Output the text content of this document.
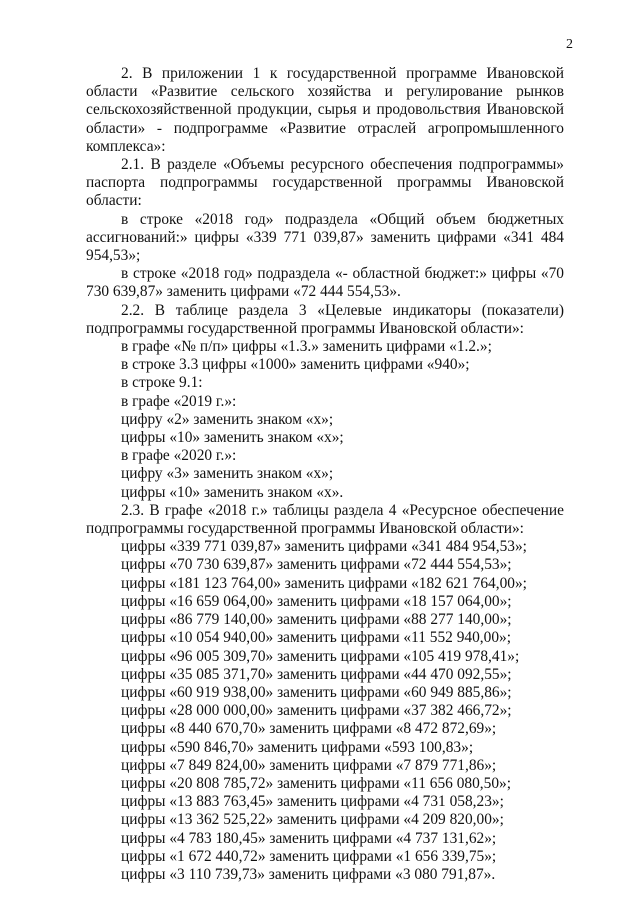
2

2. В приложении 1 к государственной программе Ивановской области «Развитие сельского хозяйства и регулирование рынков сельскохозяйственной продукции, сырья и продовольствия Ивановской области» - подпрограмме «Развитие отраслей агропромышленного комплекса»:

2.1. В разделе «Объемы ресурсного обеспечения подпрограммы» паспорта подпрограммы государственной программы Ивановской области:

в строке «2018 год» подраздела «Общий объем бюджетных ассигнований:» цифры «339 771 039,87» заменить цифрами «341 484 954,53»;

в строке «2018 год» подраздела «- областной бюджет:» цифры «70 730 639,87» заменить цифрами «72 444 554,53».

2.2. В таблице раздела 3 «Целевые индикаторы (показатели) подпрограммы государственной программы Ивановской области»:

в графе «№ п/п» цифры «1.3.» заменить цифрами «1.2.»;
в строке 3.3 цифры «1000» заменить цифрами «940»;
в строке 9.1:
в графе «2019 г.»:
цифру «2» заменить знаком «х»;
цифры «10» заменить знаком «х»;
в графе «2020 г.»:
цифру «3» заменить знаком «х»;
цифры «10» заменить знаком «х».

2.3. В графе «2018 г.» таблицы раздела 4 «Ресурсное обеспечение подпрограммы государственной программы Ивановской области»:

цифры «339 771 039,87» заменить цифрами «341 484 954,53»;
цифры «70 730 639,87» заменить цифрами «72 444 554,53»;
цифры «181 123 764,00» заменить цифрами «182 621 764,00»;
цифры «16 659 064,00» заменить цифрами «18 157 064,00»;
цифры «86 779 140,00» заменить цифрами «88 277 140,00»;
цифры «10 054 940,00» заменить цифрами «11 552 940,00»;
цифры «96 005 309,70» заменить цифрами «105 419 978,41»;
цифры «35 085 371,70» заменить цифрами «44 470 092,55»;
цифры «60 919 938,00» заменить цифрами «60 949 885,86»;
цифры «28 000 000,00» заменить цифрами «37 382 466,72»;
цифры «8 440 670,70» заменить цифрами «8 472 872,69»;
цифры «590 846,70» заменить цифрами «593 100,83»;
цифры «7 849 824,00» заменить цифрами «7 879 771,86»;
цифры «20 808 785,72» заменить цифрами «11 656 080,50»;
цифры «13 883 763,45» заменить цифрами «4 731 058,23»;
цифры «13 362 525,22» заменить цифрами «4 209 820,00»;
цифры «4 783 180,45» заменить цифрами «4 737 131,62»;
цифры «1 672 440,72» заменить цифрами «1 656 339,75»;
цифры «3 110 739,73» заменить цифрами «3 080 791,87».
